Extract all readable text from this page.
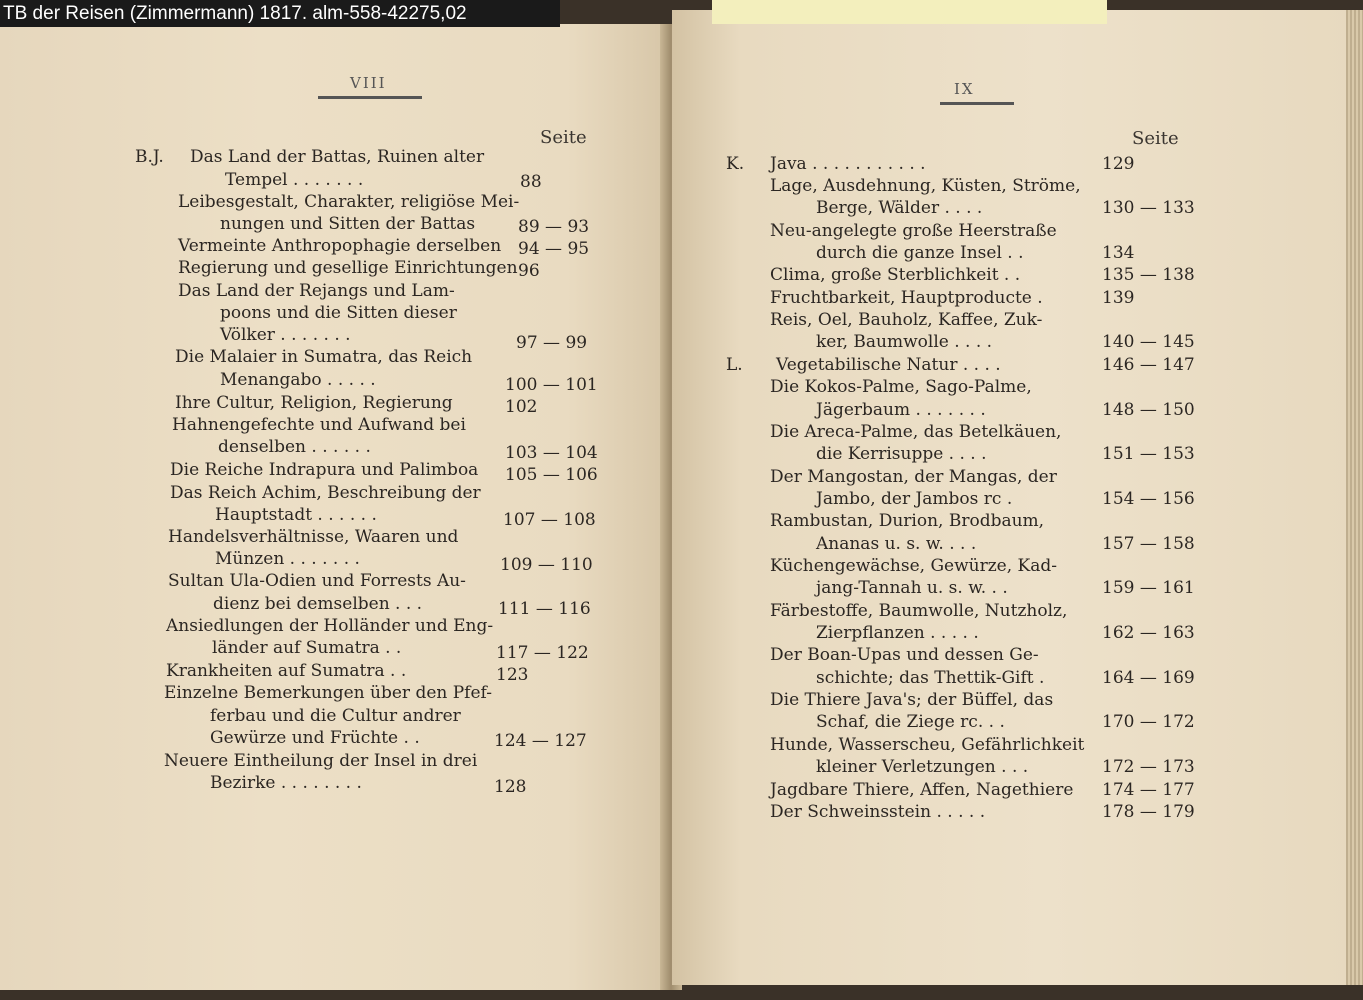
TB der Reisen (Zimmermann) 1817. alm-558-42275,02
VIII
Seite
B.J. Das Land der Battas, Ruinen alter
Tempel . . . . . . .	88
Leibesgestalt, Charakter, religiöse Mei-
nungen und Sitten der Battas	89 — 93
Vermeinte Anthropophagie derselben 94 — 95
Regierung und gesellige Einrichtungen 96
Das Land der Rejangs und Lam-
poons und die Sitten dieser
Völker . . . . . . .	97 — 99
Die Malaier in Sumatra, das Reich
Menangabo . . . . .	100 — 101
Ihre Cultur, Religion, Regierung	102
Hahnengefechte und Aufwand bei
denselben . . . . . .	103 — 104
Die Reiche Indrapura und Palimboa 105 — 106
Das Reich Achim, Beschreibung der
Hauptstadt . . . . . .	107 — 108
Handelsverhältnisse, Waaren und
Münzen . . . . . . .	109 — 110
Sultan Ula-Odien und Forrests Au-
dienz bei demselben . . .	111 — 116
Ansiedlungen der Holländer und Eng-
länder auf Sumatra . .	117 — 122
Krankheiten auf Sumatra . .	123
Einzelne Bemerkungen über den Pfef-
ferbau und die Cultur andrer
Gewürze und Früchte . .	124 — 127
Neuere Eintheilung der Insel in drei
Bezirke . . . . . . . .	128
IX
Seite
K. Java . . . . . . . . . . .	129
Lage, Ausdehnung, Küsten, Ströme,
Berge, Wälder . . . .	130 — 133
Neu-angelegte große Heerstraße
durch die ganze Insel . .	134
Clima, große Sterblichkeit . .	135 — 138
Fruchtbarkeit, Hauptproducte .	139
Reis, Oel, Bauholz, Kaffee, Zuk-
ker, Baumwolle . . . .	140 — 145
L. Vegetabilische Natur . . . .	146 — 147
Die Kokos-Palme, Sago-Palme,
Jägerbaum . . . . . . .	148 — 150
Die Areca-Palme, das Betelkäuen,
die Kerrisuppe . . . .	151 — 153
Der Mangostan, der Mangas, der
Jambo, der Jambos rc .	154 — 156
Rambustan, Durion, Brodbaum,
Ananas u. s. w. . . .	157 — 158
Küchengewächse, Gewürze, Kad-
jang-Tannah u. s. w. . .	159 — 161
Färbestoffe, Baumwolle, Nutzholz,
Zierpflanzen . . . . .	162 — 163
Der Boan-Upas und dessen Ge-
schichte; das Thettik-Gift .	164 — 169
Die Thiere Java's; der Büffel, das
Schaf, die Ziege rc. . .	170 — 172
Hunde, Wasserscheu, Gefährlichkeit
kleiner Verletzungen . . .	172 — 173
Jagdbare Thiere, Affen, Nagethiere 174 — 177
Der Schweinsstein . . . . .	178 — 179
